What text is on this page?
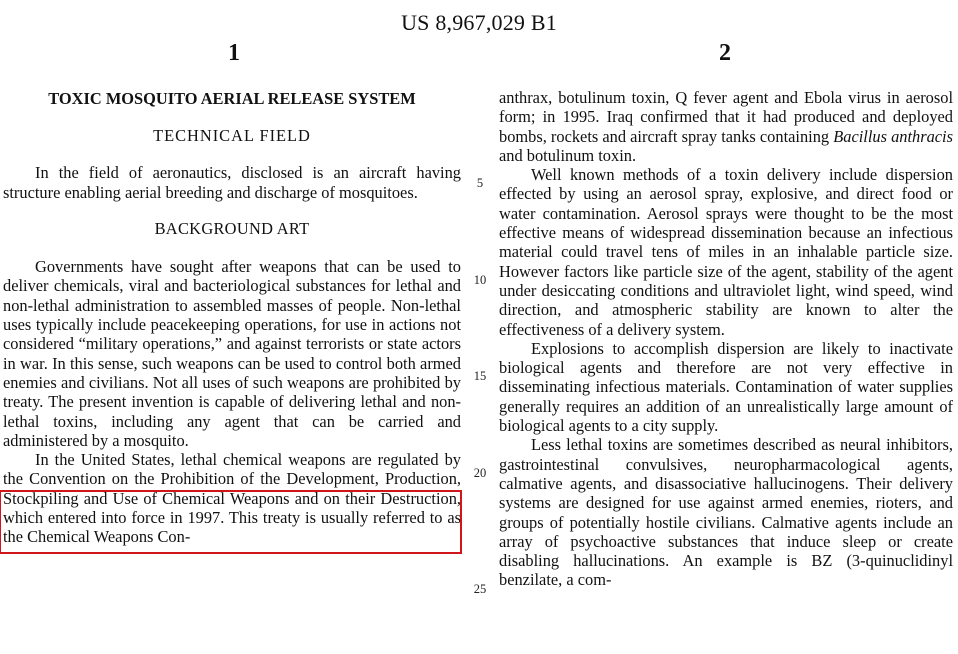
US 8,967,029 B1
1	2
TOXIC MOSQUITO AERIAL RELEASE SYSTEM
TECHNICAL FIELD

In the field of aeronautics, disclosed is an aircraft having structure enabling aerial breeding and discharge of mosquitoes.

BACKGROUND ART

Governments have sought after weapons that can be used to deliver chemicals, viral and bacteriological substances for lethal and non-lethal administration to assembled masses of people. Non-lethal uses typically include peacekeeping operations, for use in actions not considered “military operations,” and against terrorists or state actors in war. In this sense, such weapons can be used to control both armed enemies and civilians. Not all uses of such weapons are prohibited by treaty. The present invention is capable of delivering lethal and non-lethal toxins, including any agent that can be carried and administered by a mosquito.

In the United States, lethal chemical weapons are regulated by the Convention on the Prohibition of the Development, Production, Stockpiling and Use of Chemical Weapons and on their Destruction, which entered into force in 1997. This treaty is usually referred to as the Chemical Weapons Con-

5
10
15
20
25

anthrax, botulinum toxin, Q fever agent and Ebola virus in aerosol form; in 1995. Iraq confirmed that it had produced and deployed bombs, rockets and aircraft spray tanks containing Bacillus anthracis and botulinum toxin.

Well known methods of a toxin delivery include dispersion effected by using an aerosol spray, explosive, and direct food or water contamination. Aerosol sprays were thought to be the most effective means of widespread dissemination because an infectious material could travel tens of miles in an inhalable particle size. However factors like particle size of the agent, stability of the agent under desiccating conditions and ultraviolet light, wind speed, wind direction, and atmospheric stability are known to alter the effectiveness of a delivery system.

Explosions to accomplish dispersion are likely to inactivate biological agents and therefore are not very effective in disseminating infectious materials. Contamination of water supplies generally requires an addition of an unrealistically large amount of biological agents to a city supply.

Less lethal toxins are sometimes described as neural inhibitors, gastrointestinal convulsives, neuropharmacological agents, calmative agents, and disassociative hallucinogens. Their delivery systems are designed for use against armed enemies, rioters, and groups of potentially hostile civilians. Calmative agents include an array of psychoactive substances that induce sleep or create disabling hallucinations. An example is BZ (3-quinuclidinyl benzilate, a com-
